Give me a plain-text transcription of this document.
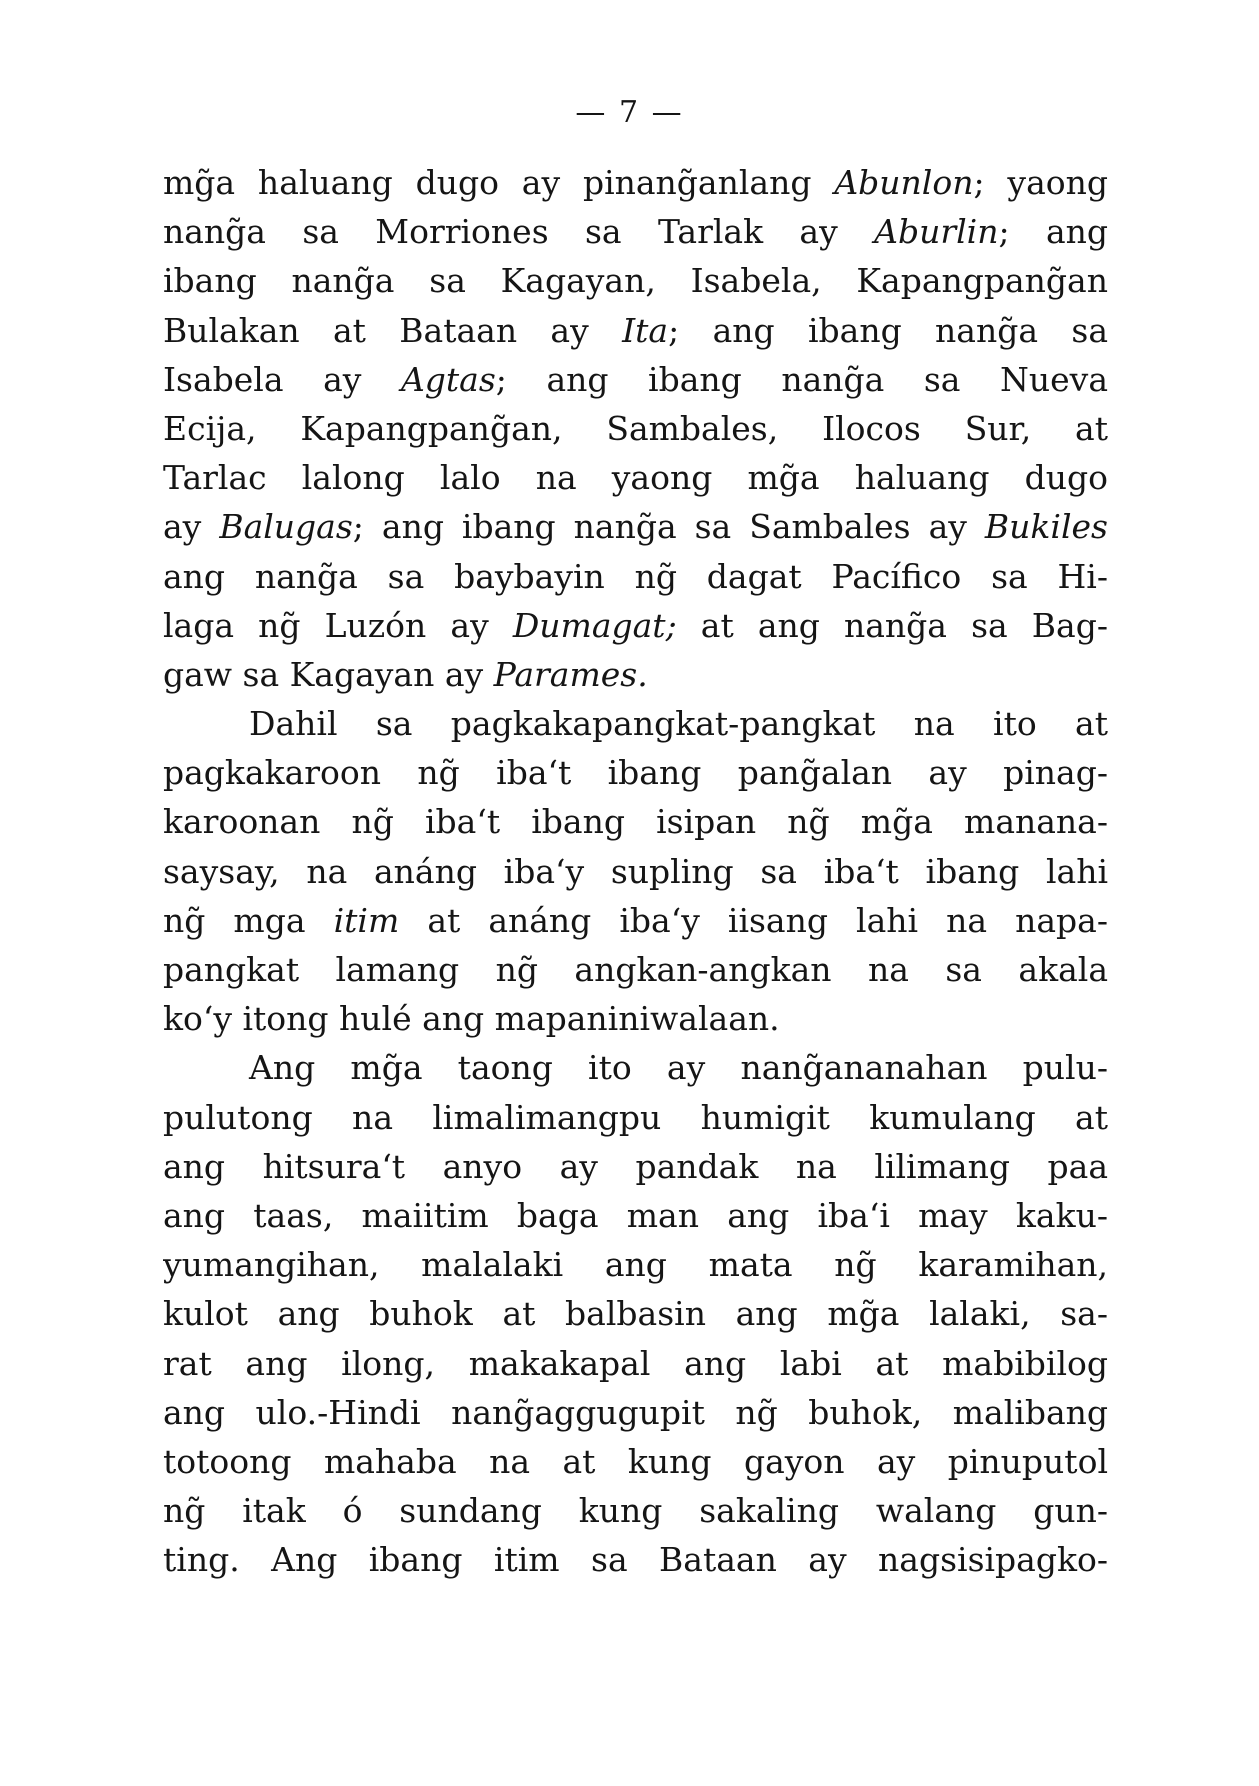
— 7 —
mg̃a haluang dugo ay pinang̃anlang Abunlon; yaong
nang̃a sa Morriones sa Tarlak ay Aburlin; ang
ibang nang̃a sa Kagayan, Isabela, Kapangpang̃an
Bulakan at Bataan ay Ita; ang ibang nang̃a sa
Isabela ay Agtas; ang ibang nang̃a sa Nueva
Ecija, Kapangpang̃an, Sambales, Ilocos Sur, at
Tarlac lalong lalo na yaong mg̃a haluang dugo
ay Balugas; ang ibang nang̃a sa Sambales ay Bukiles
ang nang̃a sa baybayin ng̃ dagat Pacífico sa Hi-
laga ng̃ Luzón ay Dumagat; at ang nang̃a sa Bag-
gaw sa Kagayan ay Parames.
Dahil sa pagkakapangkat-pangkat na ito at
pagkakaroon ng̃ iba‘t ibang pang̃alan ay pinag-
karoonan ng̃ iba‘t ibang isipan ng̃ mg̃a manana-
saysay, na anáng iba‘y supling sa iba‘t ibang lahi
ng̃ mga itim at anáng iba‘y iisang lahi na napa-
pangkat lamang ng̃ angkan-angkan na sa akala
ko‘y itong hulé ang mapaniniwalaan.
Ang mg̃a taong ito ay nang̃ananahan pulu-
pulutong na limalimangpu humigit kumulang at
ang hitsura‘t anyo ay pandak na lilimang paa
ang taas, maiitim baga man ang iba‘i may kaku-
yumangihan, malalaki ang mata ng̃ karamihan,
kulot ang buhok at balbasin ang mg̃a lalaki, sa-
rat ang ilong, makakapal ang labi at mabibilog
ang ulo.-Hindi nang̃aggugupit ng̃ buhok, malibang
totoong mahaba na at kung gayon ay pinuputol
ng̃ itak ó sundang kung sakaling walang gun-
ting. Ang ibang itim sa Bataan ay nagsisipagko-
